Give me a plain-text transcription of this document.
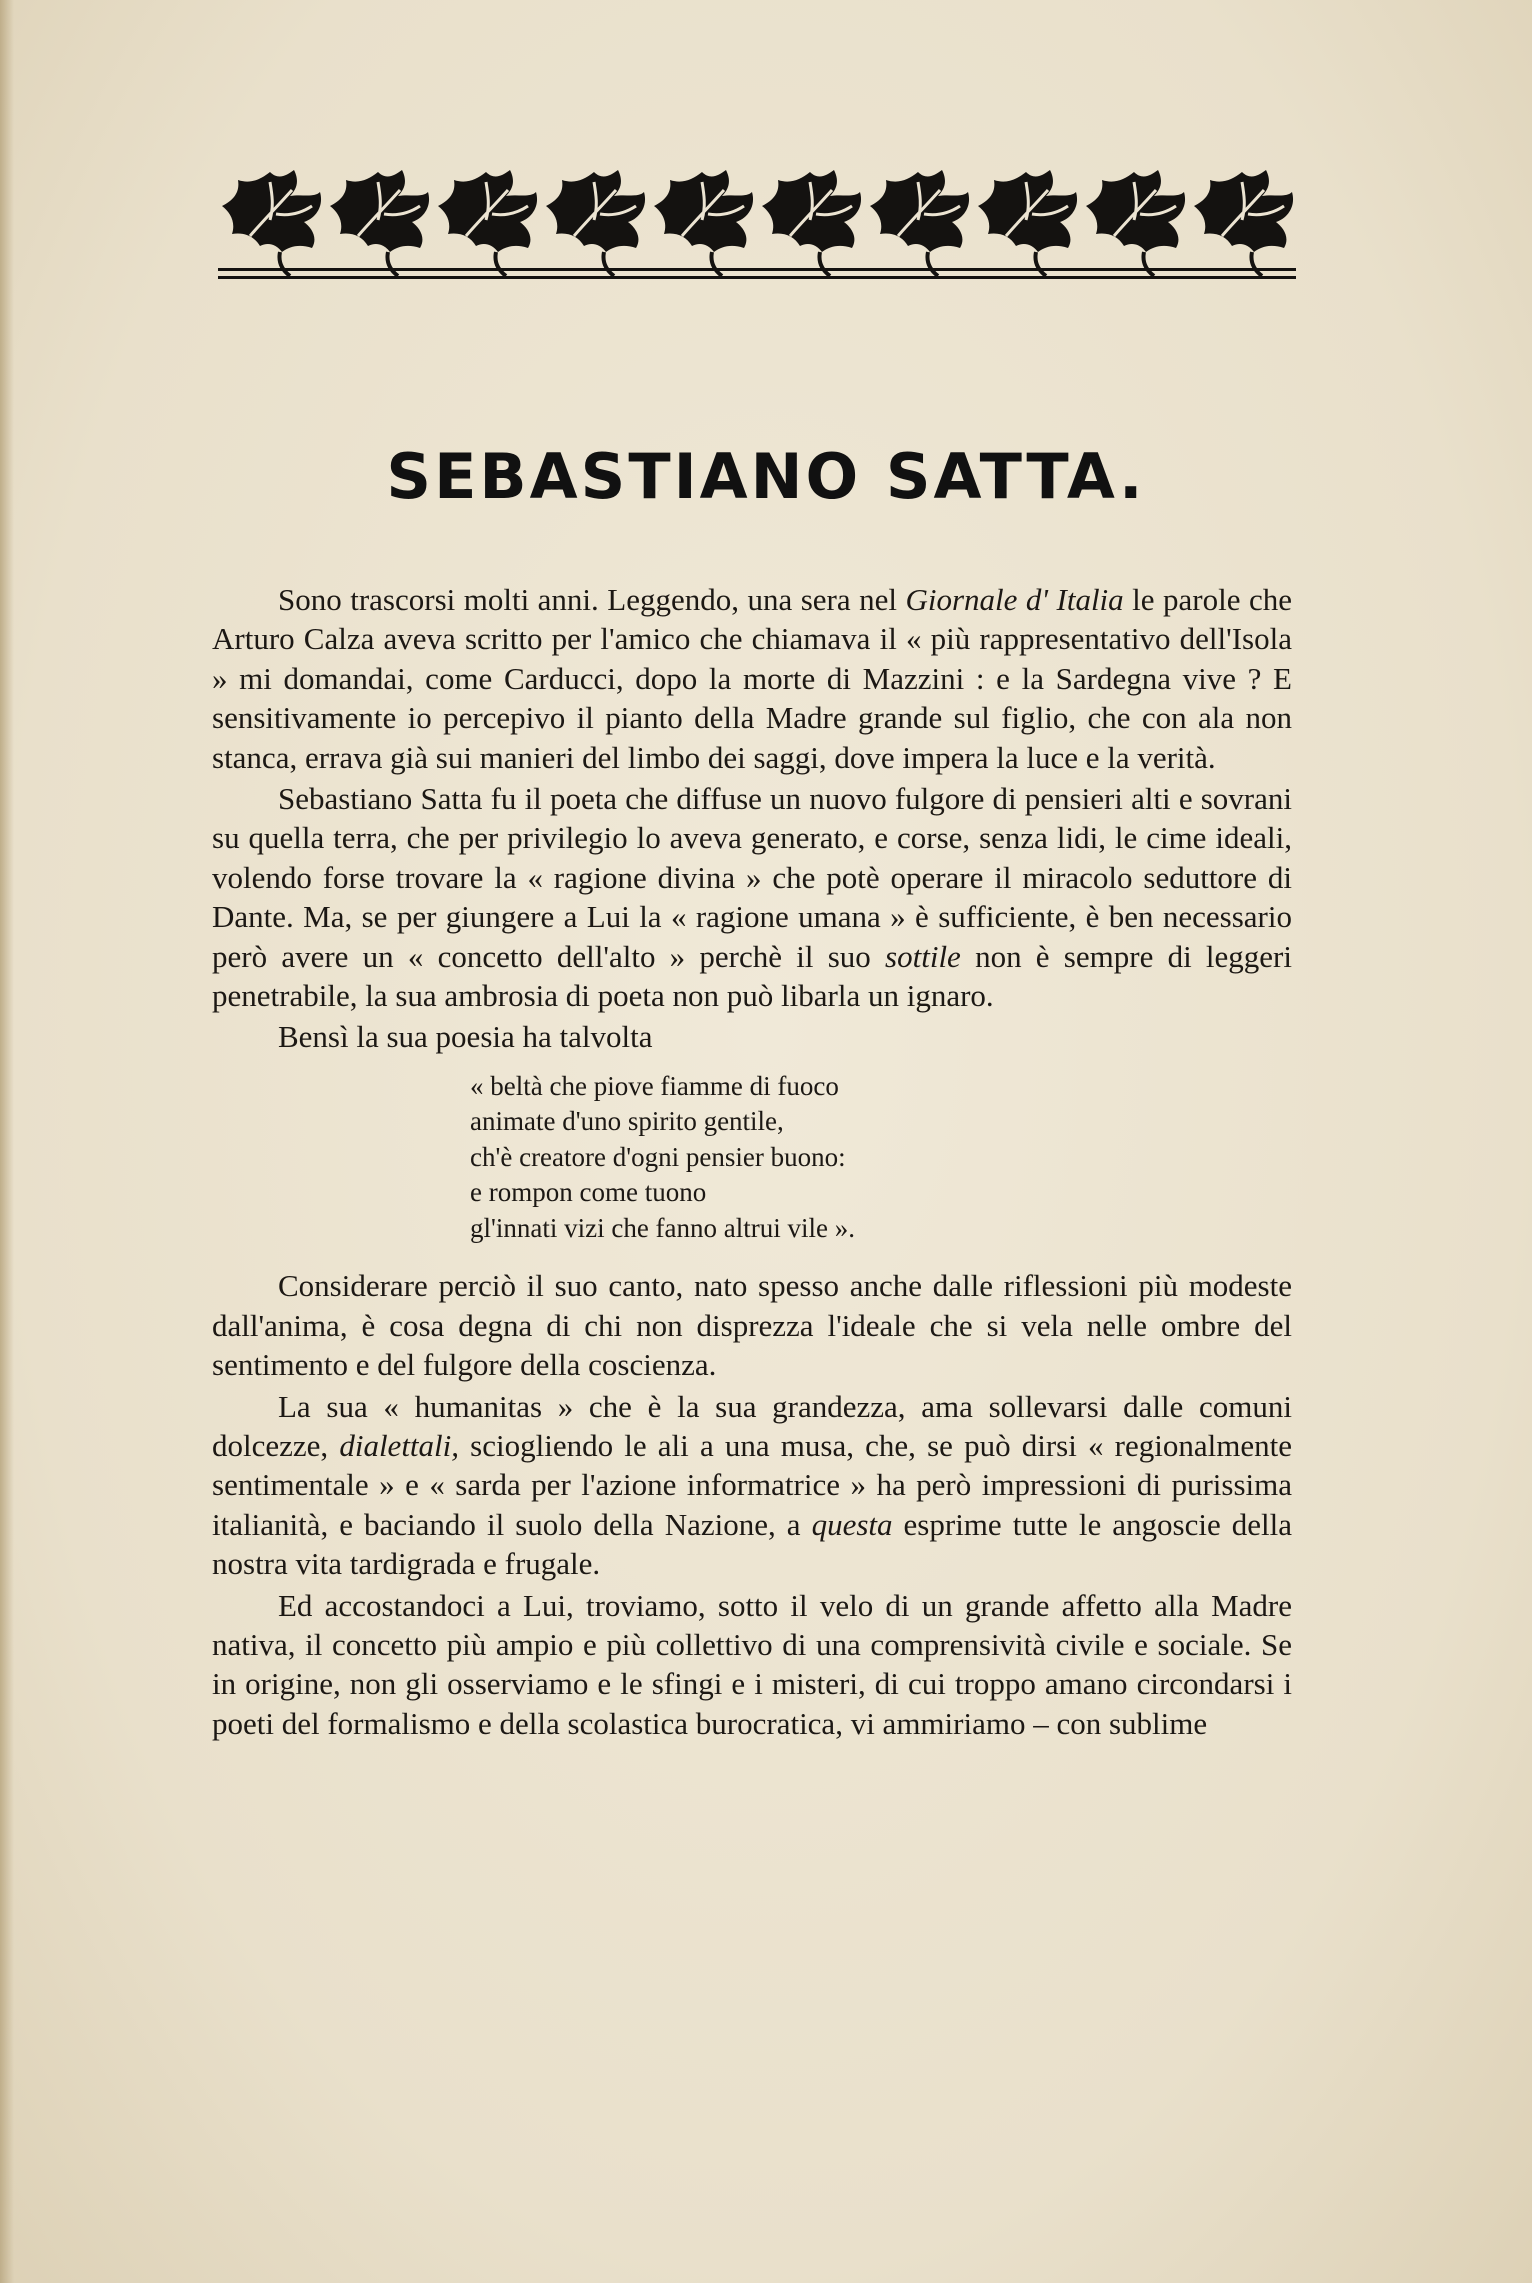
SEBASTIANO SATTA.

Sono trascorsi molti anni. Leggendo, una sera nel Giornale d' Italia le parole che Arturo Calza aveva scritto per l'amico che chiamava il « più rappresentativo dell'Isola » mi domandai, come Carducci, dopo la morte di Mazzini : e la Sardegna vive ? E sensitivamente io percepivo il pianto della Madre grande sul figlio, che con ala non stanca, errava già sui manieri del limbo dei saggi, dove impera la luce e la verità.

Sebastiano Satta fu il poeta che diffuse un nuovo fulgore di pensieri alti e sovrani su quella terra, che per privilegio lo aveva generato, e corse, senza lidi, le cime ideali, volendo forse trovare la « ragione divina » che potè operare il miracolo seduttore di Dante. Ma, se per giungere a Lui la « ragione umana » è sufficiente, è ben necessario però avere un « concetto dell'alto » perchè il suo sottile non è sempre di leggeri penetrabile, la sua ambrosia di poeta non può libarla un ignaro.

Bensì la sua poesia ha talvolta

« beltà che piove fiamme di fuoco
animate d'uno spirito gentile,
ch'è creatore d'ogni pensier buono:
e rompon come tuono
gl'innati vizi che fanno altrui vile ».

Considerare perciò il suo canto, nato spesso anche dalle riflessioni più modeste dall'anima, è cosa degna di chi non disprezza l'ideale che si vela nelle ombre del sentimento e del fulgore della coscienza.

La sua « humanitas » che è la sua grandezza, ama sollevarsi dalle comuni dolcezze, dialettali, sciogliendo le ali a una musa, che, se può dirsi « regionalmente sentimentale » e « sarda per l'azione informatrice » ha però impressioni di purissima italianità, e baciando il suolo della Nazione, a questa esprime tutte le angoscie della nostra vita tardigrada e frugale.

Ed accostandoci a Lui, troviamo, sotto il velo di un grande affetto alla Madre nativa, il concetto più ampio e più collettivo di una comprensività civile e sociale. Se in origine, non gli osserviamo e le sfingi e i misteri, di cui troppo amano circondarsi i poeti del formalismo e della scolastica burocratica, vi ammiriamo – con sublime
